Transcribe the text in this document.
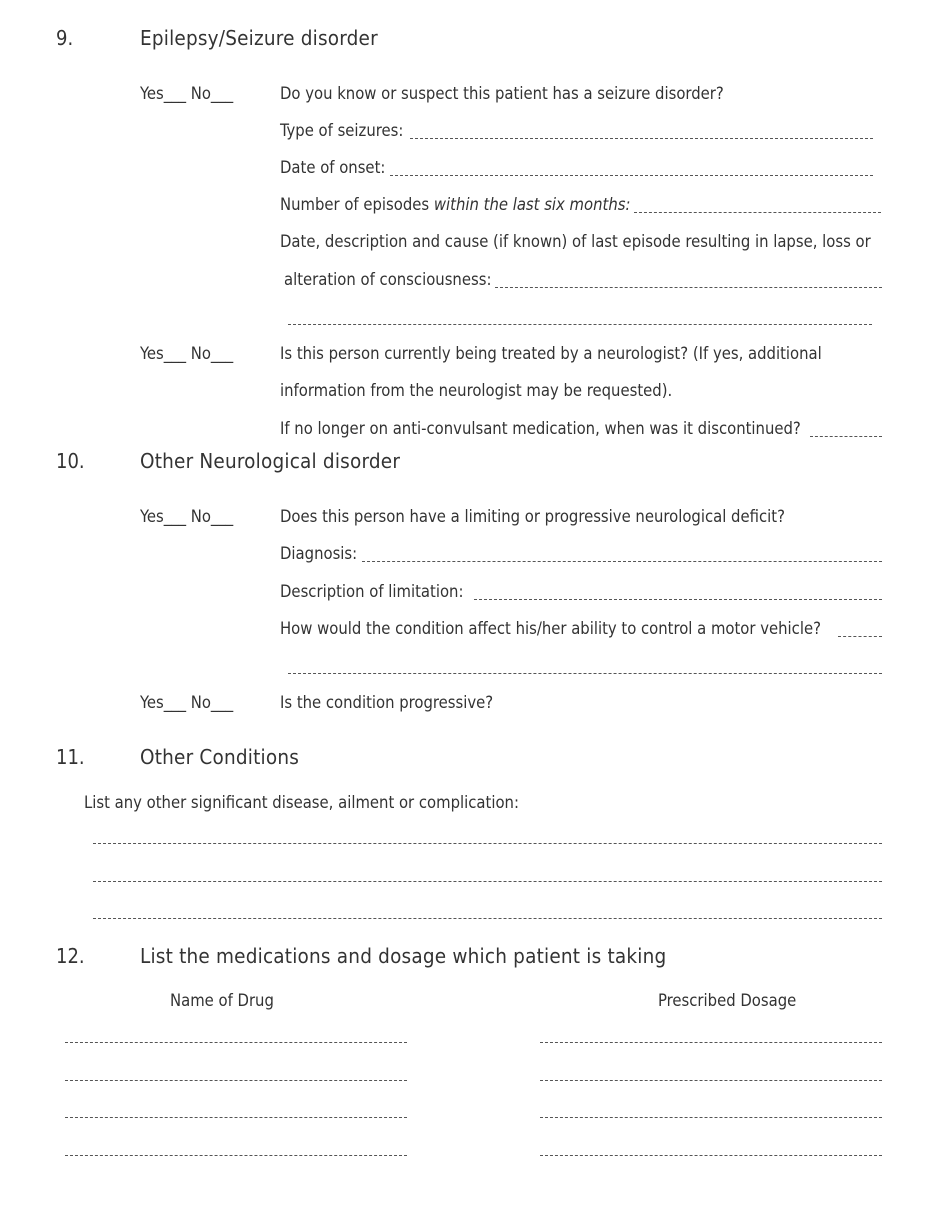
9.	Epilepsy/Seizure disorder
Yes___ No___	Do you know or suspect this patient has a seizure disorder?
Type of seizures:
Date of onset:
Number of episodes within the last six months:
Date, description and cause (if known) of last episode resulting in lapse, loss or
alteration of consciousness:
Yes___ No___	Is this person currently being treated by a neurologist? (If yes, additional
information from the neurologist may be requested).
If no longer on anti-convulsant medication, when was it discontinued?
10.	Other Neurological disorder
Yes___ No___	Does this person have a limiting or progressive neurological deficit?
Diagnosis:
Description of limitation:
How would the condition affect his/her ability to control a motor vehicle?
Yes___ No___	Is the condition progressive?
11.	Other Conditions
List any other significant disease, ailment or complication:
12.	List the medications and dosage which patient is taking
Name of Drug	Prescribed Dosage
